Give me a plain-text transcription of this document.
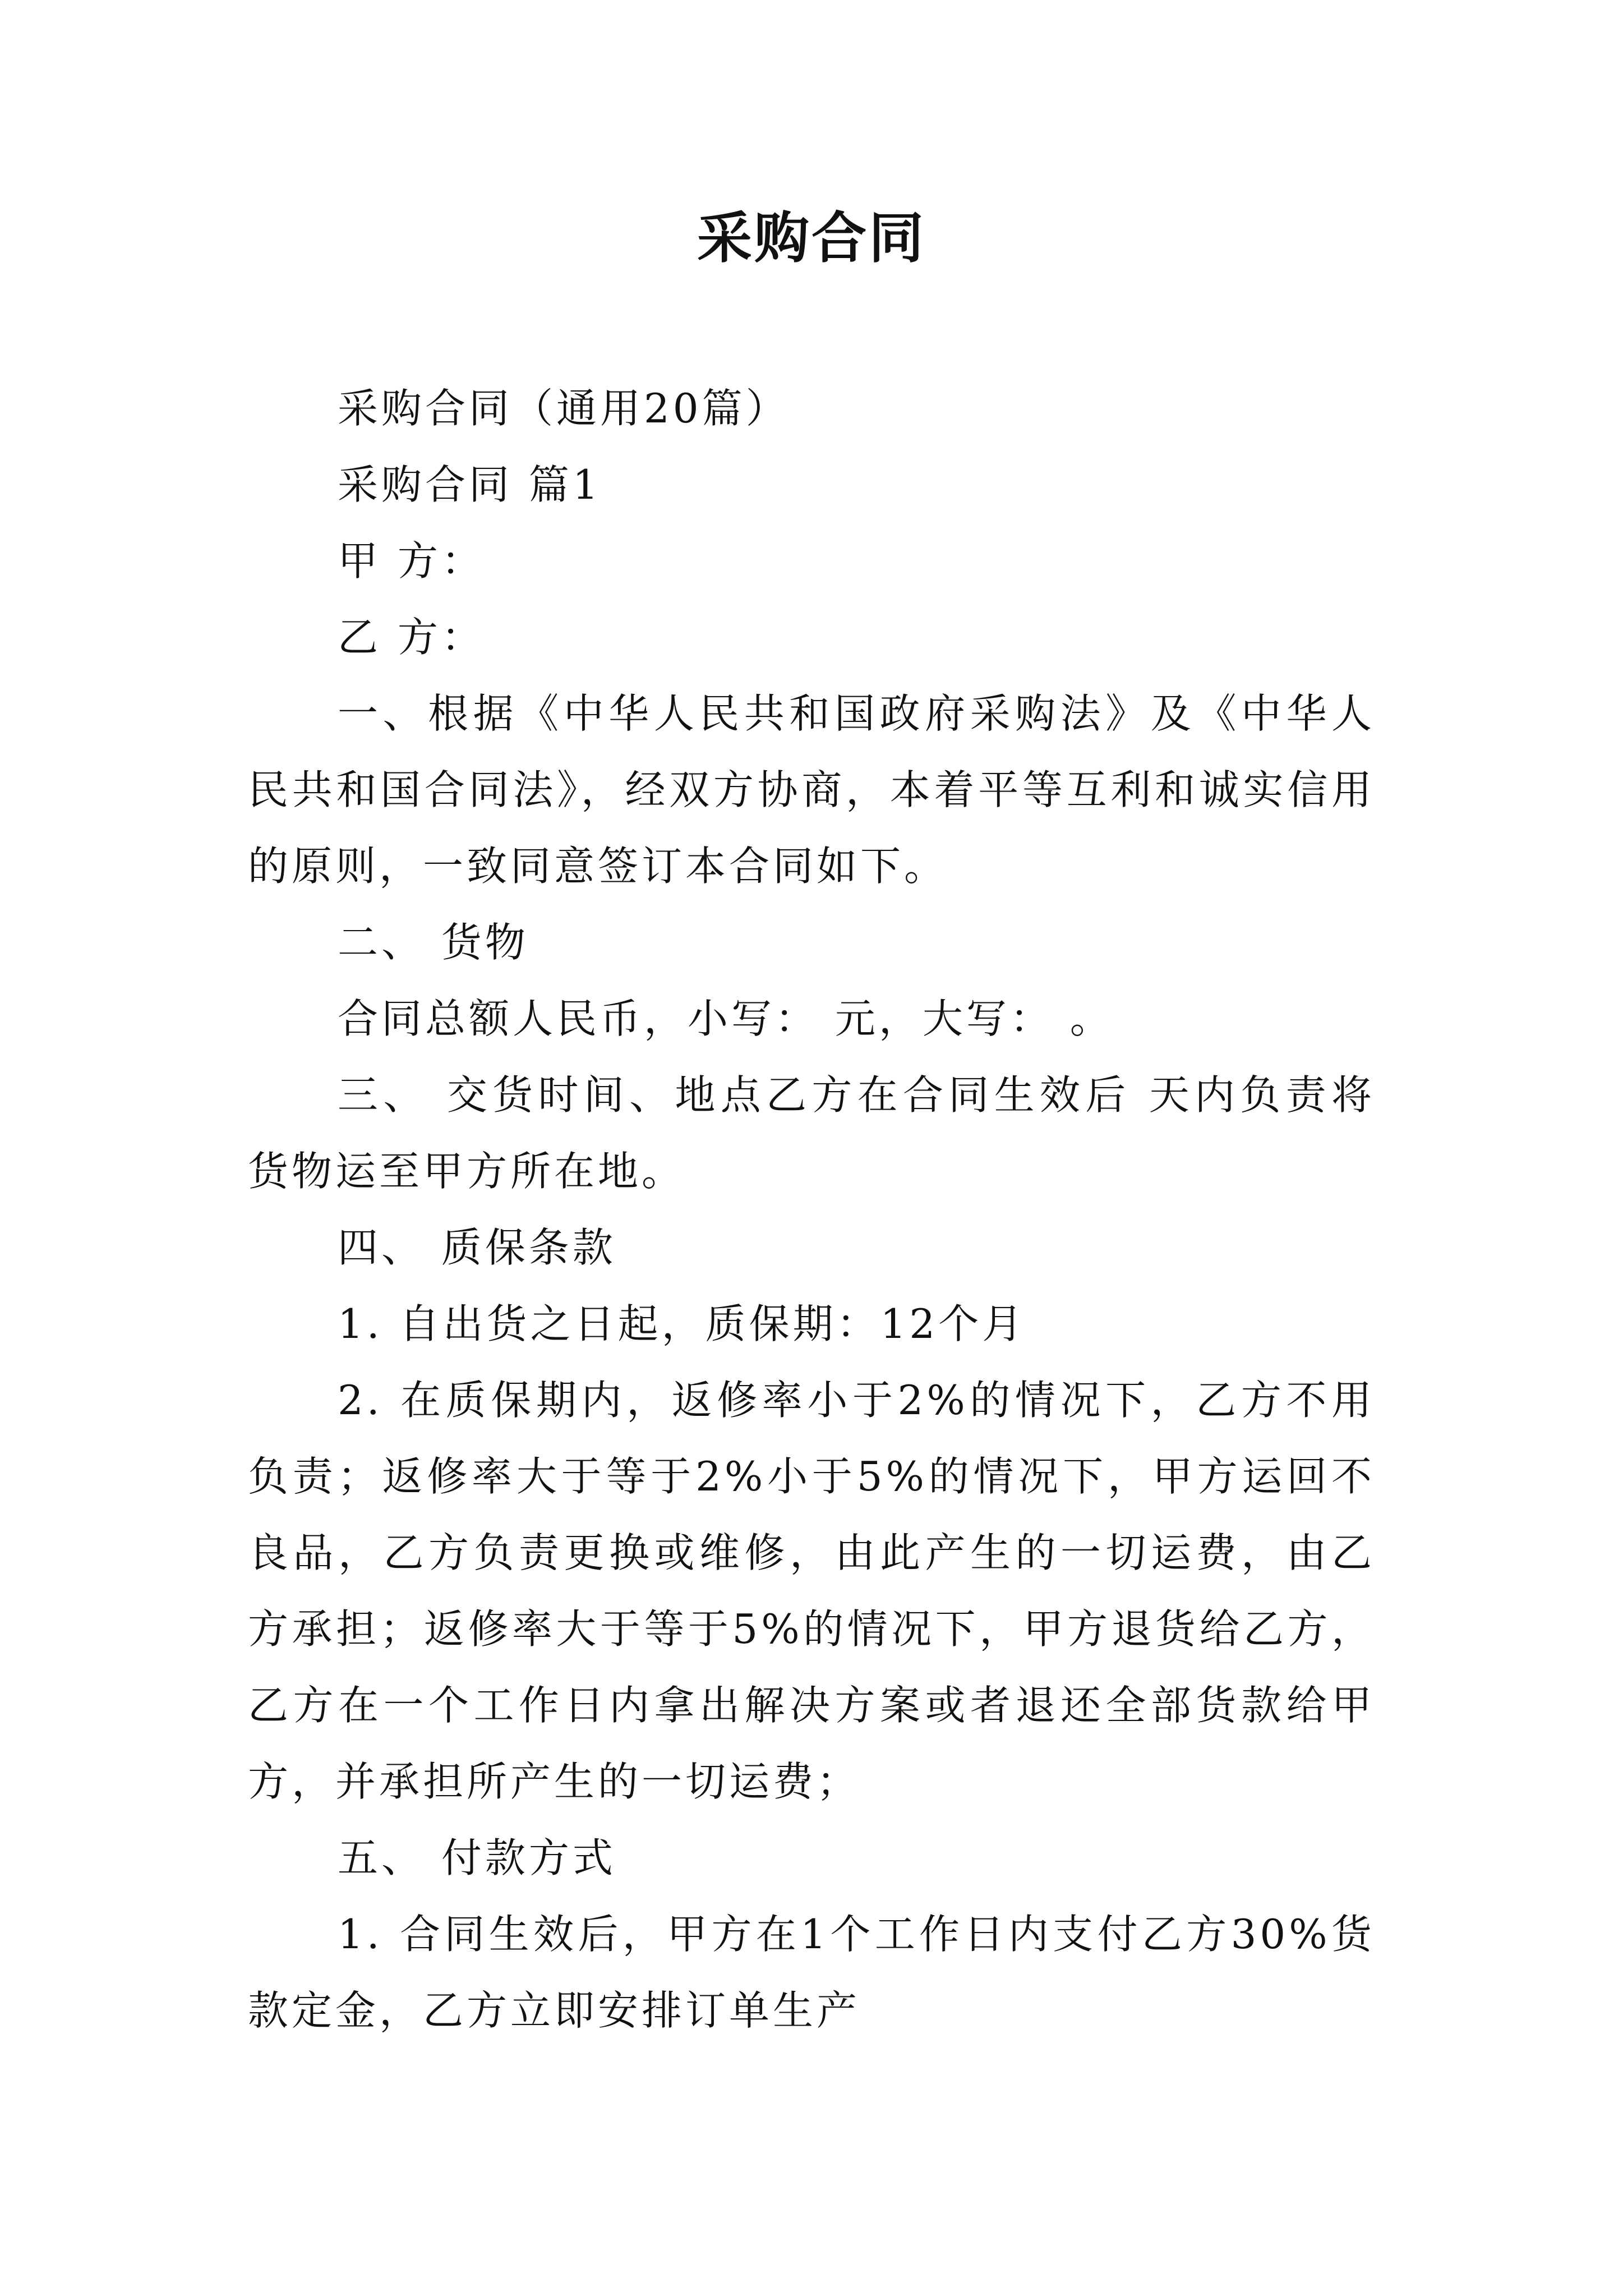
采购合同

采购合同（通用20篇）

采购合同 篇1

甲 方：

乙 方：

一、根据《中华人民共和国政府采购法》及《中华人民共和国合同法》，经双方协商，本着平等互利和诚实信用的原则，一致同意签订本合同如下。

二、 货物

合同总额人民币，小写： 元，大写： 。

三、 交货时间、地点乙方在合同生效后 天内负责将货物运至甲方所在地。

四、 质保条款

1. 自出货之日起，质保期：12个月

2. 在质保期内，返修率小于2%的情况下，乙方不用负责；返修率大于等于2%小于5%的情况下，甲方运回不良品，乙方负责更换或维修，由此产生的一切运费，由乙方承担；返修率大于等于5%的情况下，甲方退货给乙方，乙方在一个工作日内拿出解决方案或者退还全部货款给甲方，并承担所产生的一切运费；

五、 付款方式

1. 合同生效后，甲方在1个工作日内支付乙方30%货款定金，乙方立即安排订单生产
